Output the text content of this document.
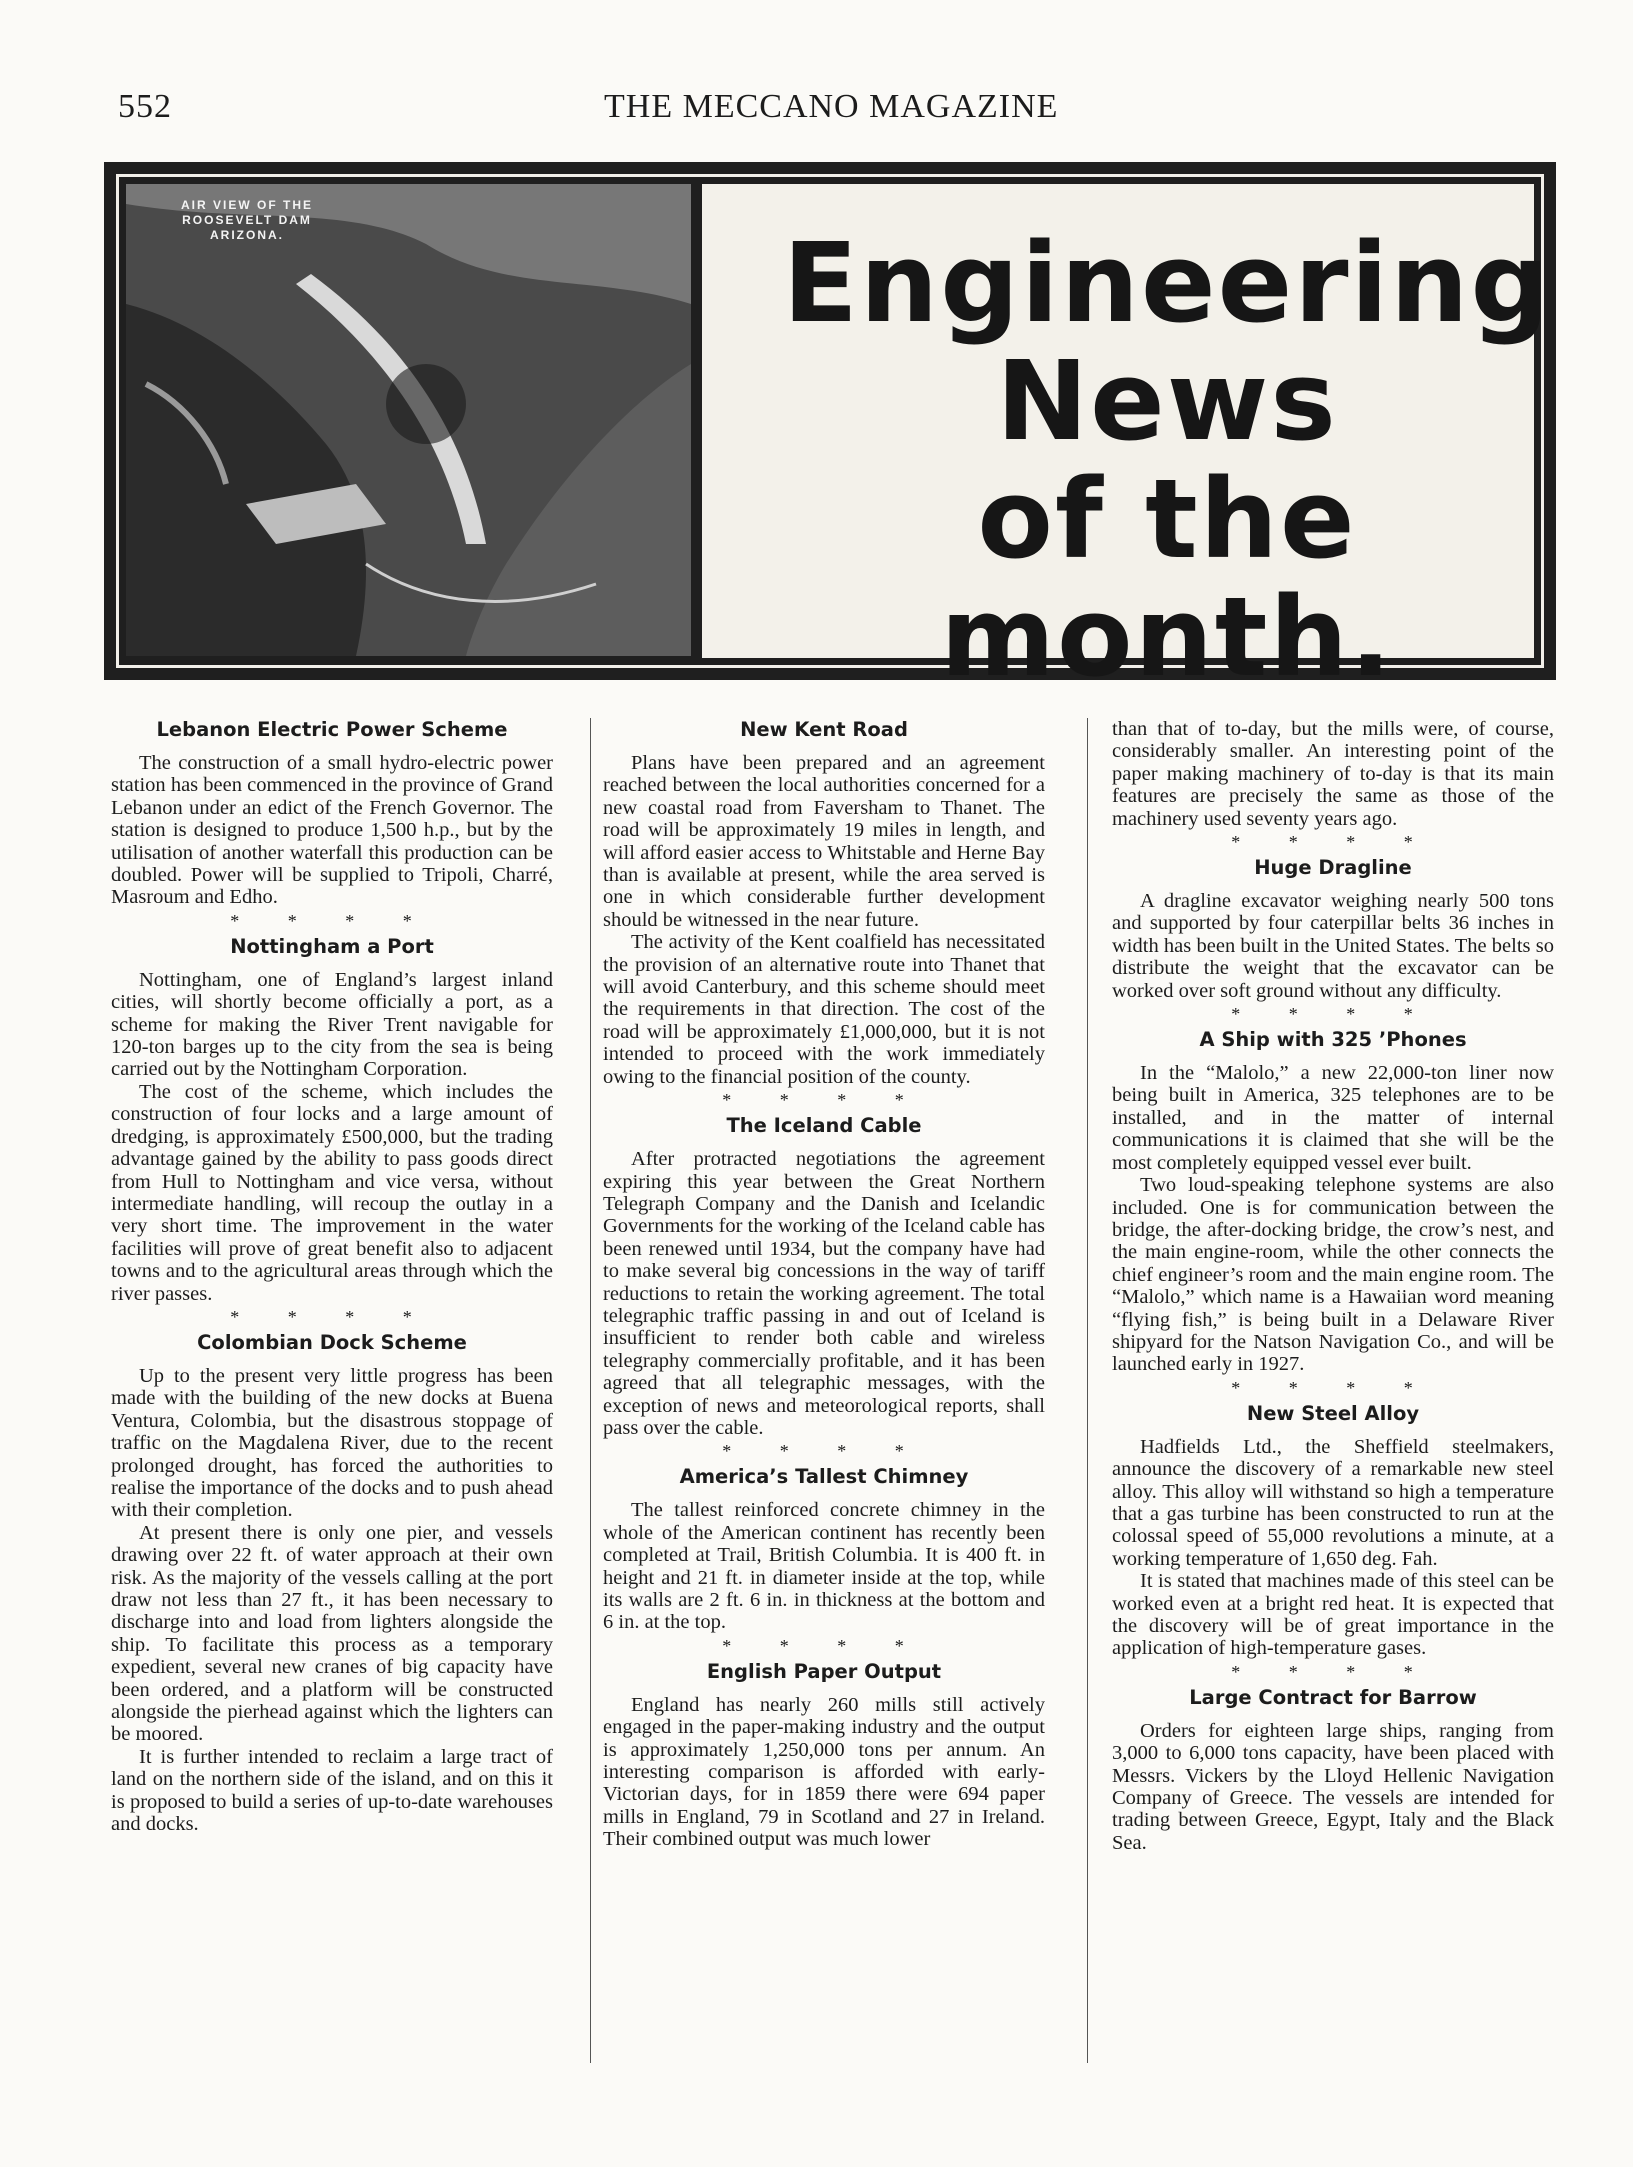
552	THE MECCANO MAGAZINE
AIR VIEW OF THE ROOSEVELT DAM ARIZONA.	Engineering
News
of the month.
Lebanon Electric Power Scheme

The construction of a small hydro-electric power station has been commenced in the province of Grand Lebanon under an edict of the French Governor. The station is designed to produce 1,500 h.p., but by the utilisation of another waterfall this production can be doubled. Power will be supplied to Tripoli, Charré, Masroum and Edho.

* * * *
Nottingham a Port

Nottingham, one of England’s largest inland cities, will shortly become officially a port, as a scheme for making the River Trent navigable for 120-ton barges up to the city from the sea is being carried out by the Nottingham Corporation.

The cost of the scheme, which includes the construction of four locks and a large amount of dredging, is approximately £500,000, but the trading advantage gained by the ability to pass goods direct from Hull to Nottingham and vice versa, without intermediate handling, will recoup the outlay in a very short time. The improvement in the water facilities will prove of great benefit also to adjacent towns and to the agricultural areas through which the river passes.

* * * *
Colombian Dock Scheme

Up to the present very little progress has been made with the building of the new docks at Buena Ventura, Colombia, but the disastrous stoppage of traffic on the Magdalena River, due to the recent prolonged drought, has forced the authorities to realise the importance of the docks and to push ahead with their completion.

At present there is only one pier, and vessels drawing over 22 ft. of water approach at their own risk. As the majority of the vessels calling at the port draw not less than 27 ft., it has been necessary to discharge into and load from lighters alongside the ship. To facilitate this process as a temporary expedient, several new cranes of big capacity have been ordered, and a platform will be constructed alongside the pierhead against which the lighters can be moored.

It is further intended to reclaim a large tract of land on the northern side of the island, and on this it is proposed to build a series of up-to-date warehouses and docks.

New Kent Road

Plans have been prepared and an agreement reached between the local authorities concerned for a new coastal road from Faversham to Thanet. The road will be approximately 19 miles in length, and will afford easier access to Whitstable and Herne Bay than is available at present, while the area served is one in which considerable further development should be witnessed in the near future.

The activity of the Kent coalfield has necessitated the provision of an alternative route into Thanet that will avoid Canterbury, and this scheme should meet the requirements in that direction. The cost of the road will be approximately £1,000,000, but it is not intended to proceed with the work immediately owing to the financial position of the county.

* * * *
The Iceland Cable

After protracted negotiations the agreement expiring this year between the Great Northern Telegraph Company and the Danish and Icelandic Governments for the working of the Iceland cable has been renewed until 1934, but the company have had to make several big concessions in the way of tariff reductions to retain the working agreement. The total telegraphic traffic passing in and out of Iceland is insufficient to render both cable and wireless telegraphy commercially profitable, and it has been agreed that all telegraphic messages, with the exception of news and meteorological reports, shall pass over the cable.

* * * *
America’s Tallest Chimney

The tallest reinforced concrete chimney in the whole of the American continent has recently been completed at Trail, British Columbia. It is 400 ft. in height and 21 ft. in diameter inside at the top, while its walls are 2 ft. 6 in. in thickness at the bottom and 6 in. at the top.

* * * *
English Paper Output

England has nearly 260 mills still actively engaged in the paper-making industry and the output is approximately 1,250,000 tons per annum. An interesting comparison is afforded with early-Victorian days, for in 1859 there were 694 paper mills in England, 79 in Scotland and 27 in Ireland. Their combined output was much lower

than that of to-day, but the mills were, of course, considerably smaller. An interesting point of the paper making machinery of to-day is that its main features are precisely the same as those of the machinery used seventy years ago.

* * * *
Huge Dragline

A dragline excavator weighing nearly 500 tons and supported by four caterpillar belts 36 inches in width has been built in the United States. The belts so distribute the weight that the excavator can be worked over soft ground without any difficulty.

* * * *
A Ship with 325 ’Phones

In the “Malolo,” a new 22,000-ton liner now being built in America, 325 telephones are to be installed, and in the matter of internal communications it is claimed that she will be the most completely equipped vessel ever built.

Two loud-speaking telephone systems are also included. One is for communication between the bridge, the after-docking bridge, the crow’s nest, and the main engine-room, while the other connects the chief engineer’s room and the main engine room. The “Malolo,” which name is a Hawaiian word meaning “flying fish,” is being built in a Delaware River shipyard for the Natson Navigation Co., and will be launched early in 1927.

* * * *
New Steel Alloy

Hadfields Ltd., the Sheffield steelmakers, announce the discovery of a remarkable new steel alloy. This alloy will withstand so high a temperature that a gas turbine has been constructed to run at the colossal speed of 55,000 revolutions a minute, at a working temperature of 1,650 deg. Fah.

It is stated that machines made of this steel can be worked even at a bright red heat. It is expected that the discovery will be of great importance in the application of high-temperature gases.

* * * *
Large Contract for Barrow

Orders for eighteen large ships, ranging from 3,000 to 6,000 tons capacity, have been placed with Messrs. Vickers by the Lloyd Hellenic Navigation Company of Greece. The vessels are intended for trading between Greece, Egypt, Italy and the Black Sea.
